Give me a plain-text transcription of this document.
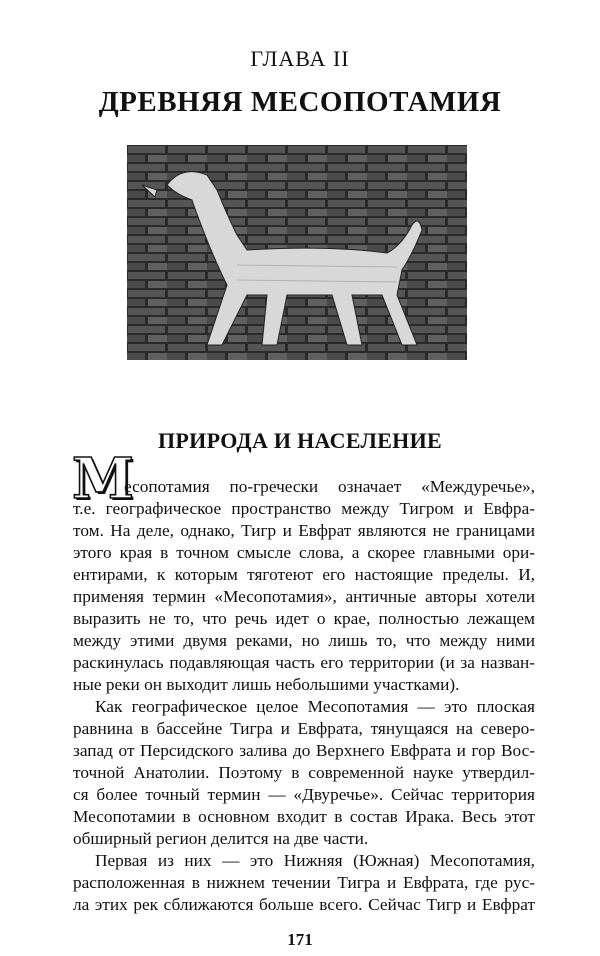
ГЛАВА II
ДРЕВНЯЯ МЕСОПОТАМИЯ
ПРИРОДА И НАСЕЛЕНИЕ
М
есопотамия по-гречески означает «Междуречье»,
т.е. географическое пространство между Тигром и Евфра-
том. На деле, однако, Тигр и Евфрат являются не границами
этого края в точном смысле слова, а скорее главными ори-
ентирами, к которым тяготеют его настоящие пределы. И,
применяя термин «Месопотамия», античные авторы хотели
выразить не то, что речь идет о крае, полностью лежащем
между этими двумя реками, но лишь то, что между ними
раскинулась подавляющая часть его территории (и за назван-
ные реки он выходит лишь небольшими участками).
Как географическое целое Месопотамия — это плоская
равнина в бассейне Тигра и Евфрата, тянущаяся на северо-
запад от Персидского залива до Верхнего Евфрата и гор Вос-
точной Анатолии. Поэтому в современной науке утвердил-
ся более точный термин — «Двуречье». Сейчас территория
Месопотамии в основном входит в состав Ирака. Весь этот
обширный регион делится на две части.
Первая из них — это Нижняя (Южная) Месопотамия,
расположенная в нижнем течении Тигра и Евфрата, где рус-
ла этих рек сближаются больше всего. Сейчас Тигр и Евфрат
171
